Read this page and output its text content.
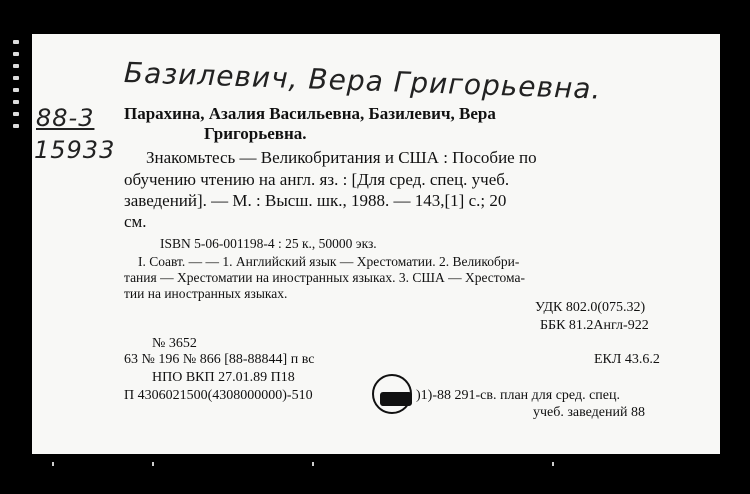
Базилевич, Вера Григорьевна.
88-3
15933
Парахина, Азалия Васильевна, Базилевич, Вера
Григорьевна.
Знакомьтесь — Великобритания и США : Пособие по
обучению чтению на англ. яз. : [Для сред. спец. учеб.
заведений]. — М. : Высш. шк., 1988. — 143,[1] с.; 20
см.
ISBN 5-06-001198-4 : 25 к., 50000 экз.
I. Соавт. — — 1. Английский язык — Хрестоматии. 2. Великобри-
тания — Хрестоматии на иностранных языках. 3. США — Хрестома-
тии на иностранных языках.
УДК 802.0(075.32)
ББК 81.2Англ-922
№ 3652
63 № 196 № 866 [88-88844] п вс	ЕКЛ 43.6.2
НПО ВКП 27.01.89 П18
П 4306021500(4308000000)-510	)1)-88 291-св. план для сред. спец.
учеб. заведений 88
